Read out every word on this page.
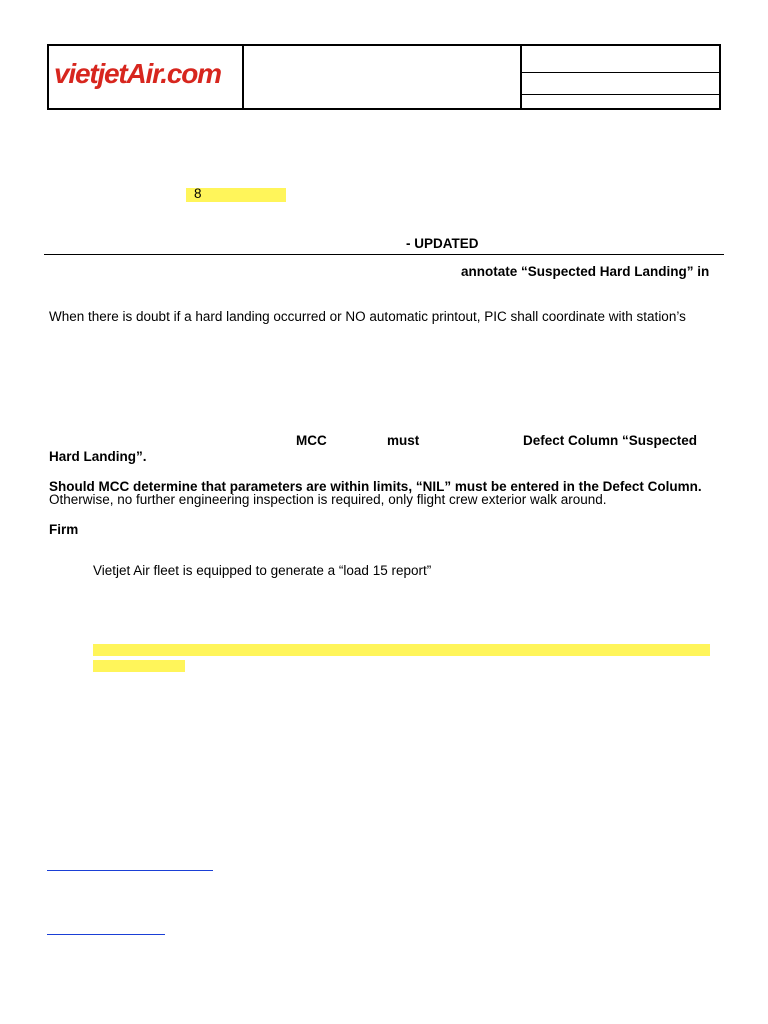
vietjetAir.com
8
- UPDATED
annotate “Suspected Hard Landing” in
When there is doubt if a hard landing occurred or NO automatic printout, PIC shall coordinate with station’s
MCC	must	Defect Column “Suspected
Hard Landing”.
Should MCC determine that parameters are within limits, “NIL” must be entered in the Defect Column.
Otherwise, no further engineering inspection is required, only flight crew exterior walk around.
Firm
Vietjet Air fleet is equipped to generate a “load 15 report”
